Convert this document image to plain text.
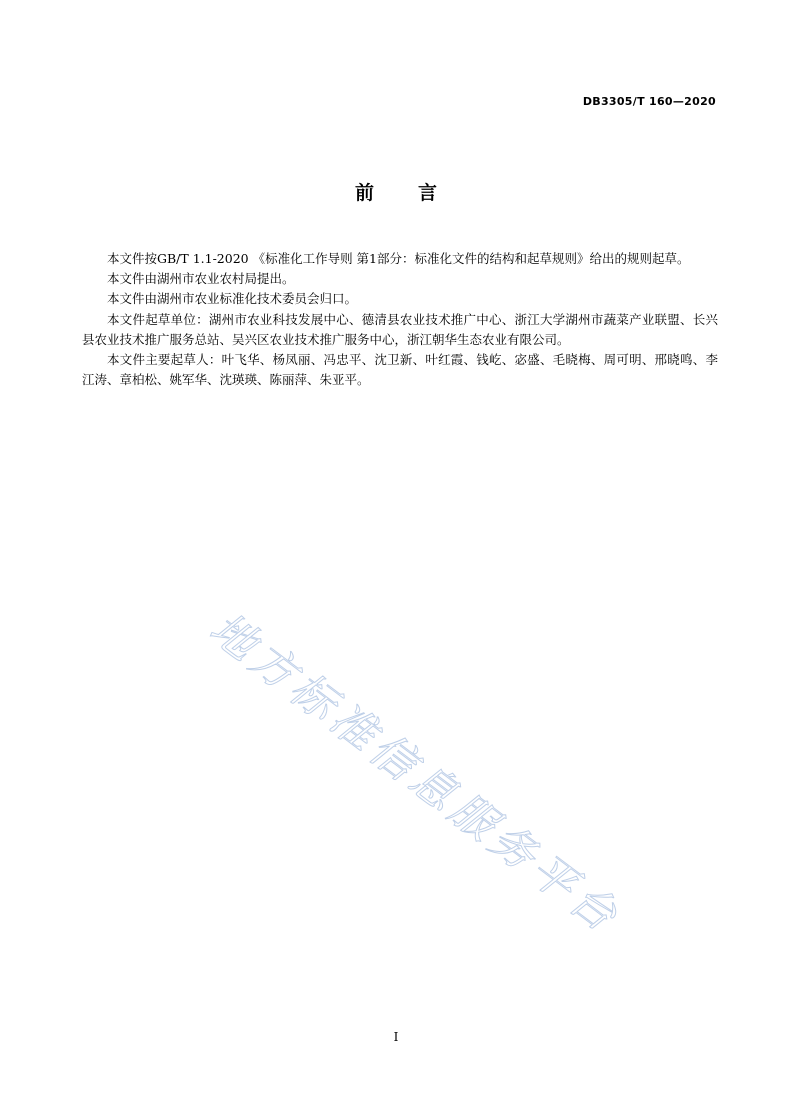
DB3305/T 160—2020
前言

本文件按GB/T 1.1-2020 《标准化工作导则 第1部分：标准化文件的结构和起草规则》给出的规则起草。

本文件由湖州市农业农村局提出。

本文件由湖州市农业标准化技术委员会归口。

本文件起草单位：湖州市农业科技发展中心、德清县农业技术推广中心、浙江大学湖州市蔬菜产业联盟、长兴县农业技术推广服务总站、吴兴区农业技术推广服务中心，浙江朝华生态农业有限公司。

本文件主要起草人：叶飞华、杨凤丽、冯忠平、沈卫新、叶红霞、钱屹、宓盛、毛晓梅、周可明、邢晓鸣、李江涛、章柏松、姚军华、沈瑛瑛、陈丽萍、朱亚平。

地方标准信息服务平台
I
